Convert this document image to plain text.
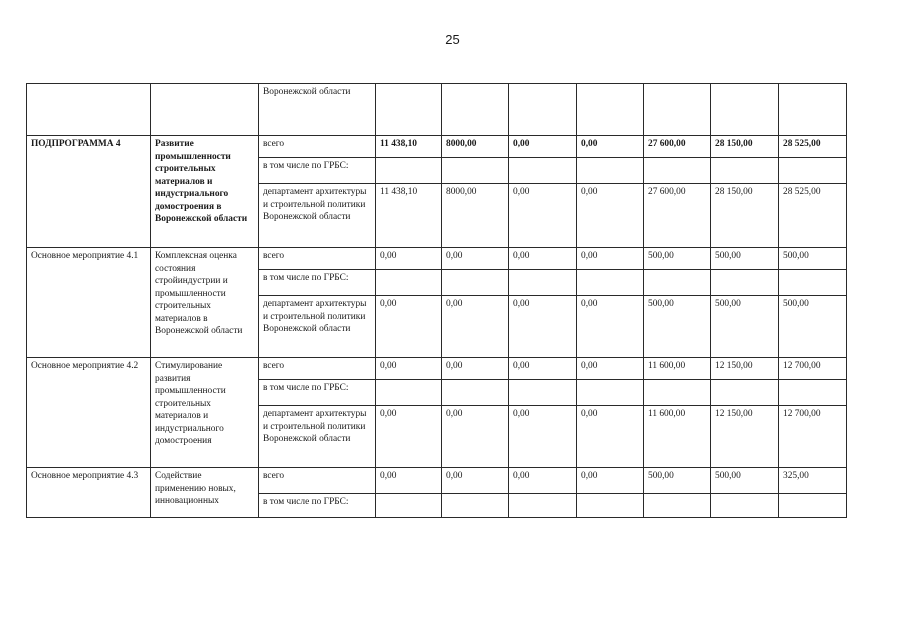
25
		Воронежской области							
ПОДПРОГРАММА 4	Развитие промышленности строительных материалов и индустриального домостроения в Воронежской области	всего	11 438,10	8000,00	0,00	0,00	27 600,00	28 150,00	28 525,00
		в том числе по ГРБС:							
		департамент архитектуры и строительной политики Воронежской области	11 438,10	8000,00	0,00	0,00	27 600,00	28 150,00	28 525,00
Основное мероприятие 4.1	Комплексная оценка состояния стройиндустрии и промышленности строительных материалов в Воронежской области	всего	0,00	0,00	0,00	0,00	500,00	500,00	500,00
		в том числе по ГРБС:							
		департамент архитектуры и строительной политики Воронежской области	0,00	0,00	0,00	0,00	500,00	500,00	500,00
Основное мероприятие 4.2	Стимулирование развития промышленности строительных материалов и индустриального домостроения	всего	0,00	0,00	0,00	0,00	11 600,00	12 150,00	12 700,00
		в том числе по ГРБС:							
		департамент архитектуры и строительной политики Воронежской области	0,00	0,00	0,00	0,00	11 600,00	12 150,00	12 700,00
Основное мероприятие 4.3	Содействие применению новых, инновационных	всего	0,00	0,00	0,00	0,00	500,00	500,00	325,00
		в том числе по ГРБС:							
